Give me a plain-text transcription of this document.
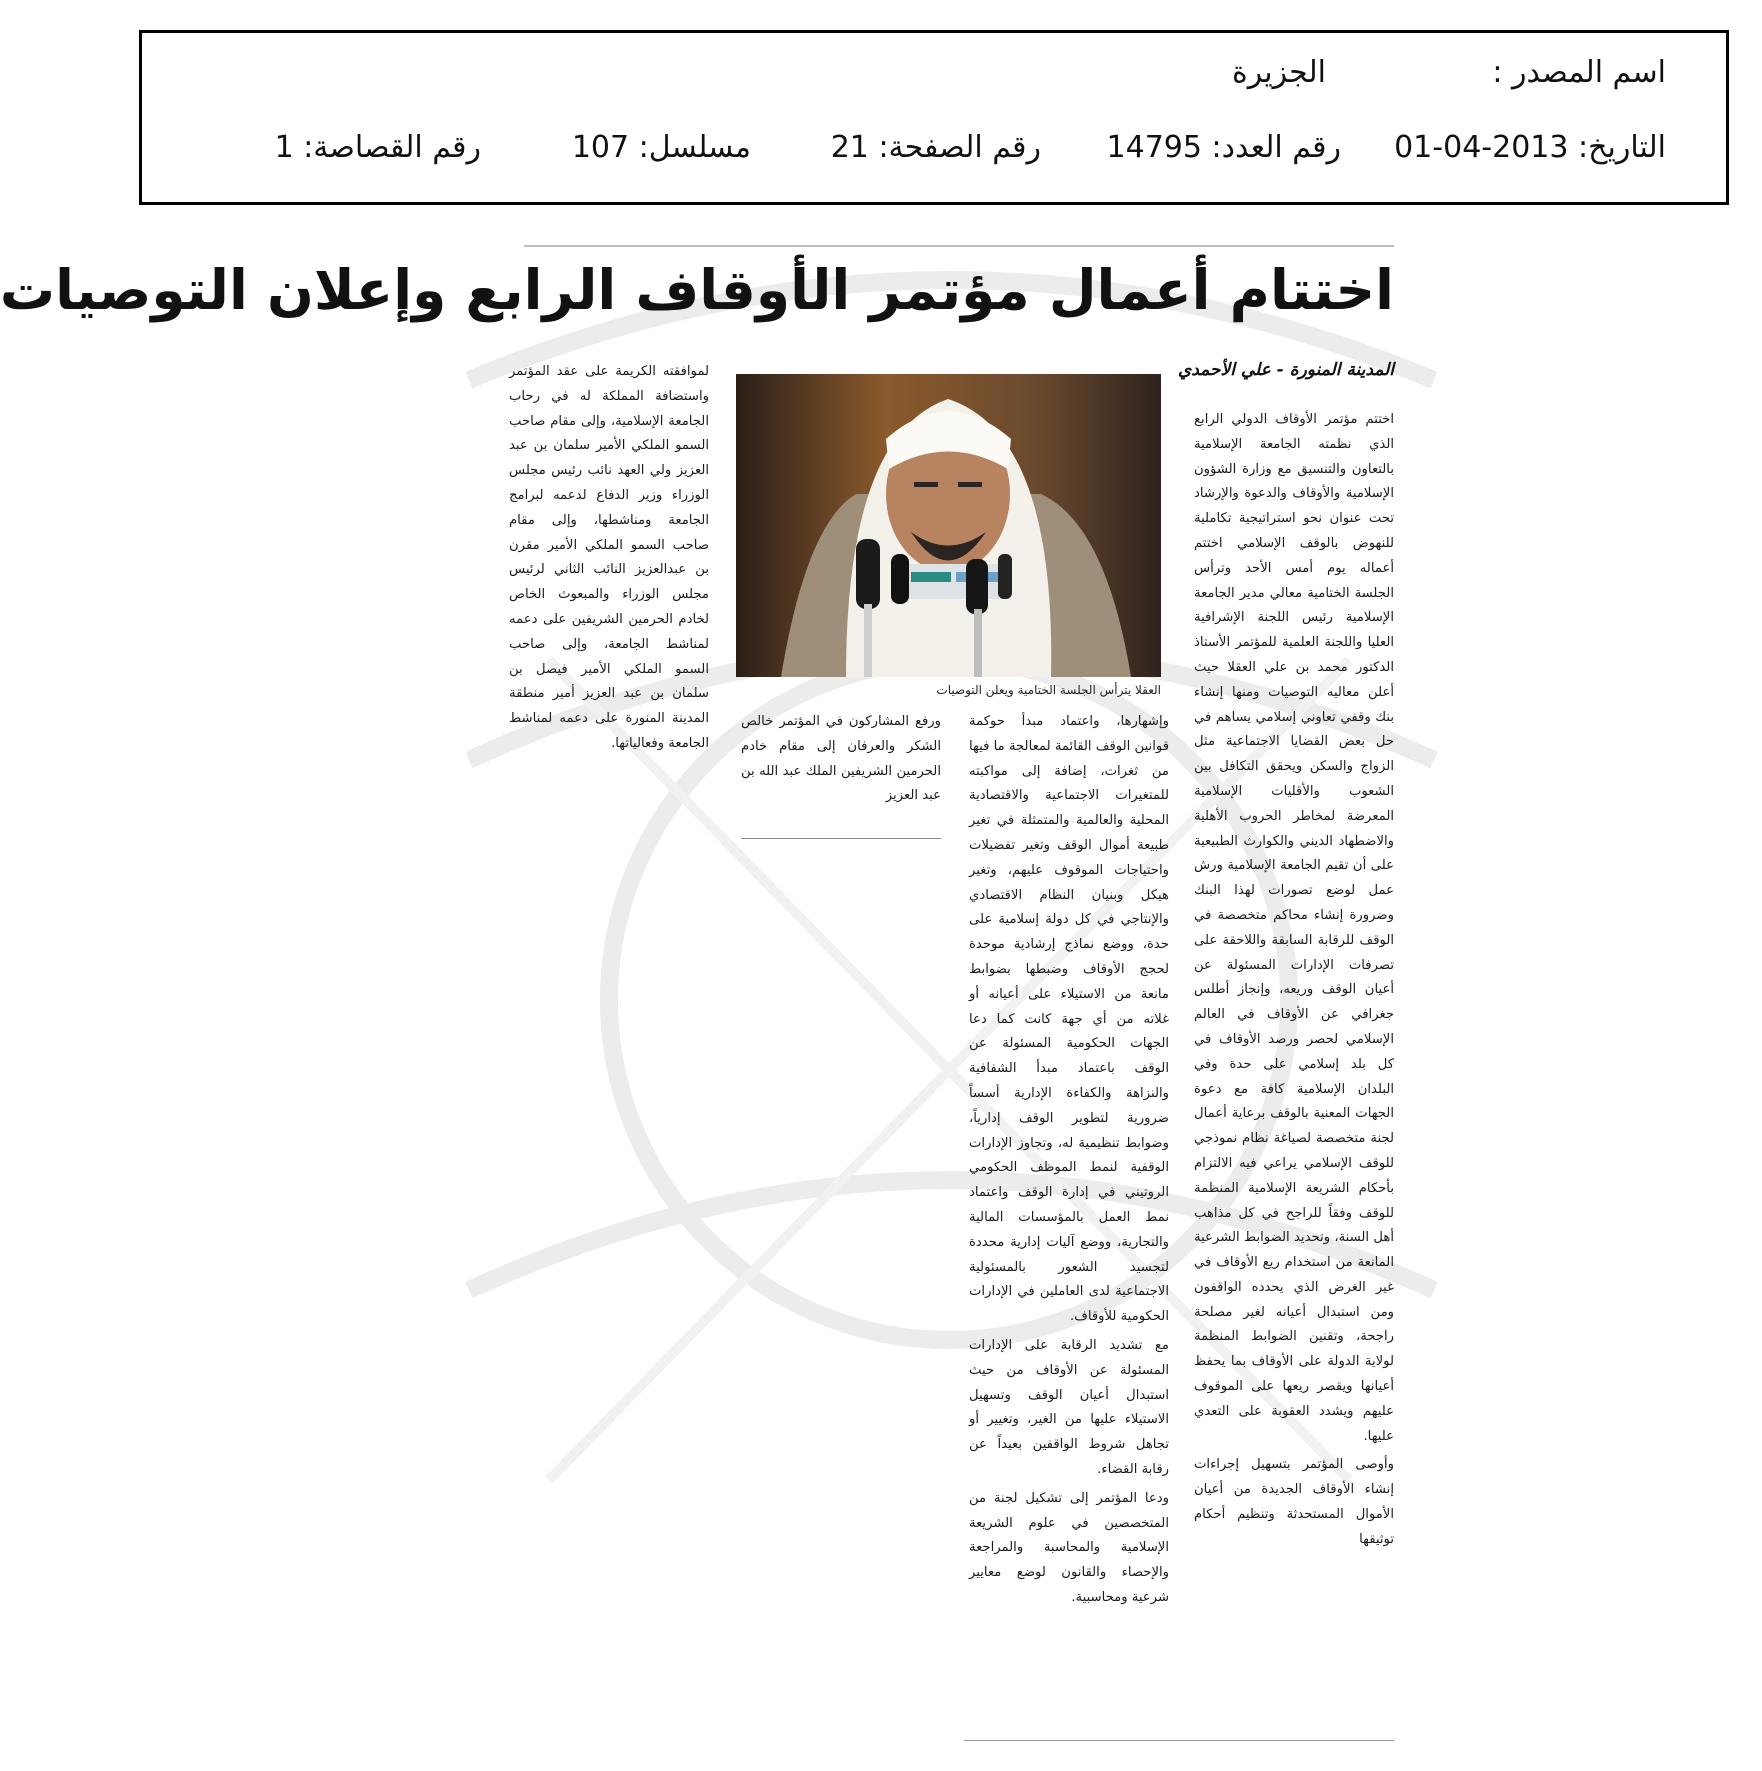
اسم المصدر :
الجزيرة
التاريخ: 2013-04-01
رقم العدد: 14795
رقم الصفحة: 21
مسلسل: 107
رقم القصاصة: 1
اختتام أعمال مؤتمر الأوقاف الرابع وإعلان التوصيات
المدينة المنورة - علي الأحمدي

اختتم مؤتمر الأوقاف الدولي الرابع الذي نظمته الجامعة الإسلامية بالتعاون والتنسيق مع وزارة الشؤون الإسلامية والأوقاف والدعوة والإرشاد تحت عنوان نحو استراتيجية تكاملية للنهوض بالوقف الإسلامي اختتم أعماله يوم أمس الأحد وترأس الجلسة الختامية معالي مدير الجامعة الإسلامية رئيس اللجنة الإشرافية العليا واللجنة العلمية للمؤتمر الأستاذ الدكتور محمد بن علي العقلا حيث أعلن معاليه التوصيات ومنها إنشاء بنك وقفي تعاوني إسلامي يساهم في حل بعض القضايا الاجتماعية مثل الزواج والسكن ويحقق التكافل بين الشعوب والأقليات الإسلامية المعرضة لمخاطر الحروب الأهلية والاضطهاد الديني والكوارث الطبيعية على أن تقيم الجامعة الإسلامية ورش عمل لوضع تصورات لهذا البنك وضرورة إنشاء محاكم متخصصة في الوقف للرقابة السابقة واللاحقة على تصرفات الإدارات المسئولة عن أعيان الوقف وريعه، وإنجاز أطلس جغرافي عن الأوقاف في العالم الإسلامي لحصر ورصد الأوقاف في كل بلد إسلامي على حدة وفي البلدان الإسلامية كافة مع دعوة الجهات المعنية بالوقف برعاية أعمال لجنة متخصصة لصياغة نظام نموذجي للوقف الإسلامي يراعي فيه الالتزام بأحكام الشريعة الإسلامية المنظمة للوقف وفقاً للراجح في كل مذاهب أهل السنة، وتحديد الضوابط الشرعية المانعة من استخدام ريع الأوقاف في غير الغرض الذي يحدده الواقفون ومن استبدال أعيانه لغير مصلحة راجحة، وتقنين الضوابط المنظمة لولاية الدولة على الأوقاف بما يحفظ أعيانها ويقصر ريعها على الموقوف عليهم ويشدد العقوبة على التعدي عليها.

وأوصى المؤتمر بتسهيل إجراءات إنشاء الأوقاف الجديدة من أعيان الأموال المستحدثة وتنظيم أحكام توثيقها

العقلا يترأس الجلسة الختامية ويعلن التوصيات

وإشهارها، واعتماد مبدأ حوكمة قوانين الوقف القائمة لمعالجة ما فيها من ثغرات، إضافة إلى مواكبته للمتغيرات الاجتماعية والاقتصادية المحلية والعالمية والمتمثلة في تغير طبيعة أموال الوقف وتغير تفضيلات واحتياجات الموقوف عليهم، وتغير هيكل وبنيان النظام الاقتصادي والإنتاجي في كل دولة إسلامية على حدة، ووضع نماذج إرشادية موحدة لحجج الأوقاف وضبطها بضوابط مانعة من الاستيلاء على أعيانه أو غلاته من أي جهة كانت كما دعا الجهات الحكومية المسئولة عن الوقف باعتماد مبدأ الشفافية والنزاهة والكفاءة الإدارية أسساً ضرورية لتطوير الوقف إدارياً، وضوابط تنظيمية له، وتجاوز الإدارات الوقفية لنمط الموظف الحكومي الروتيني في إدارة الوقف واعتماد نمط العمل بالمؤسسات المالية والتجارية، ووضع آليات إدارية محددة لتجسيد الشعور بالمسئولية الاجتماعية لدى العاملين في الإدارات الحكومية للأوقاف.

مع تشديد الرقابة على الإدارات المسئولة عن الأوقاف من حيث استبدال أعيان الوقف وتسهيل الاستيلاء عليها من الغير، وتغيير أو تجاهل شروط الواقفين بعيداً عن رقابة القضاء.

ودعا المؤتمر إلى تشكيل لجنة من المتخصصين في علوم الشريعة الإسلامية والمحاسبة والمراجعة والإحصاء والقانون لوضع معايير شرعية ومحاسبية.

ورفع المشاركون في المؤتمر خالص الشكر والعرفان إلى مقام خادم الحرمين الشريفين الملك عبد الله بن عبد العزيز

لموافقته الكريمة على عقد المؤتمر واستضافة المملكة له في رحاب الجامعة الإسلامية، وإلى مقام صاحب السمو الملكي الأمير سلمان بن عبد العزيز ولي العهد نائب رئيس مجلس الوزراء وزير الدفاع لدعمه لبرامج الجامعة ومناشطها، وإلى مقام صاحب السمو الملكي الأمير مقرن بن عبدالعزيز النائب الثاني لرئيس مجلس الوزراء والمبعوث الخاص لخادم الحرمين الشريفين على دعمه لمناشط الجامعة، وإلى صاحب السمو الملكي الأمير فيصل بن سلمان بن عبد العزيز أمير منطقة المدينة المنورة على دعمه لمناشط الجامعة وفعالياتها.
